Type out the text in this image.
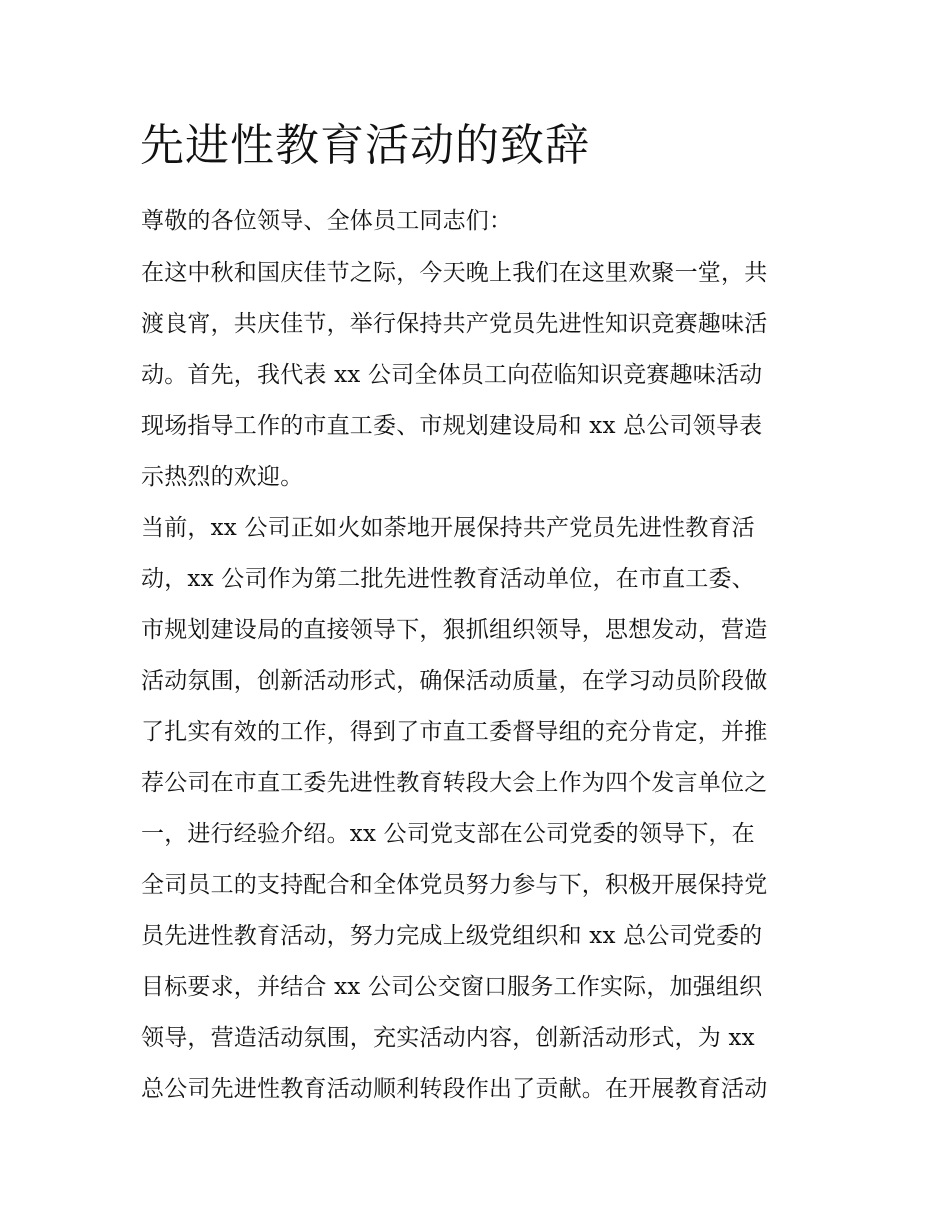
先进性教育活动的致辞

尊敬的各位领导、全体员工同志们：

在这中秋和国庆佳节之际，今天晚上我们在这里欢聚一堂，共

渡良宵，共庆佳节，举行保持共产党员先进性知识竞赛趣味活

动。首先，我代表 xx 公司全体员工向莅临知识竞赛趣味活动

现场指导工作的市直工委、市规划建设局和 xx 总公司领导表

示热烈的欢迎。

当前，xx 公司正如火如荼地开展保持共产党员先进性教育活

动，xx 公司作为第二批先进性教育活动单位，在市直工委、

市规划建设局的直接领导下，狠抓组织领导，思想发动，营造

活动氛围，创新活动形式，确保活动质量，在学习动员阶段做

了扎实有效的工作，得到了市直工委督导组的充分肯定，并推

荐公司在市直工委先进性教育转段大会上作为四个发言单位之

一，进行经验介绍。xx 公司党支部在公司党委的领导下，在

全司员工的支持配合和全体党员努力参与下，积极开展保持党

员先进性教育活动，努力完成上级党组织和 xx 总公司党委的

目标要求，并结合 xx 公司公交窗口服务工作实际，加强组织

领导，营造活动氛围，充实活动内容，创新活动形式，为 xx

总公司先进性教育活动顺利转段作出了贡献。在开展教育活动
